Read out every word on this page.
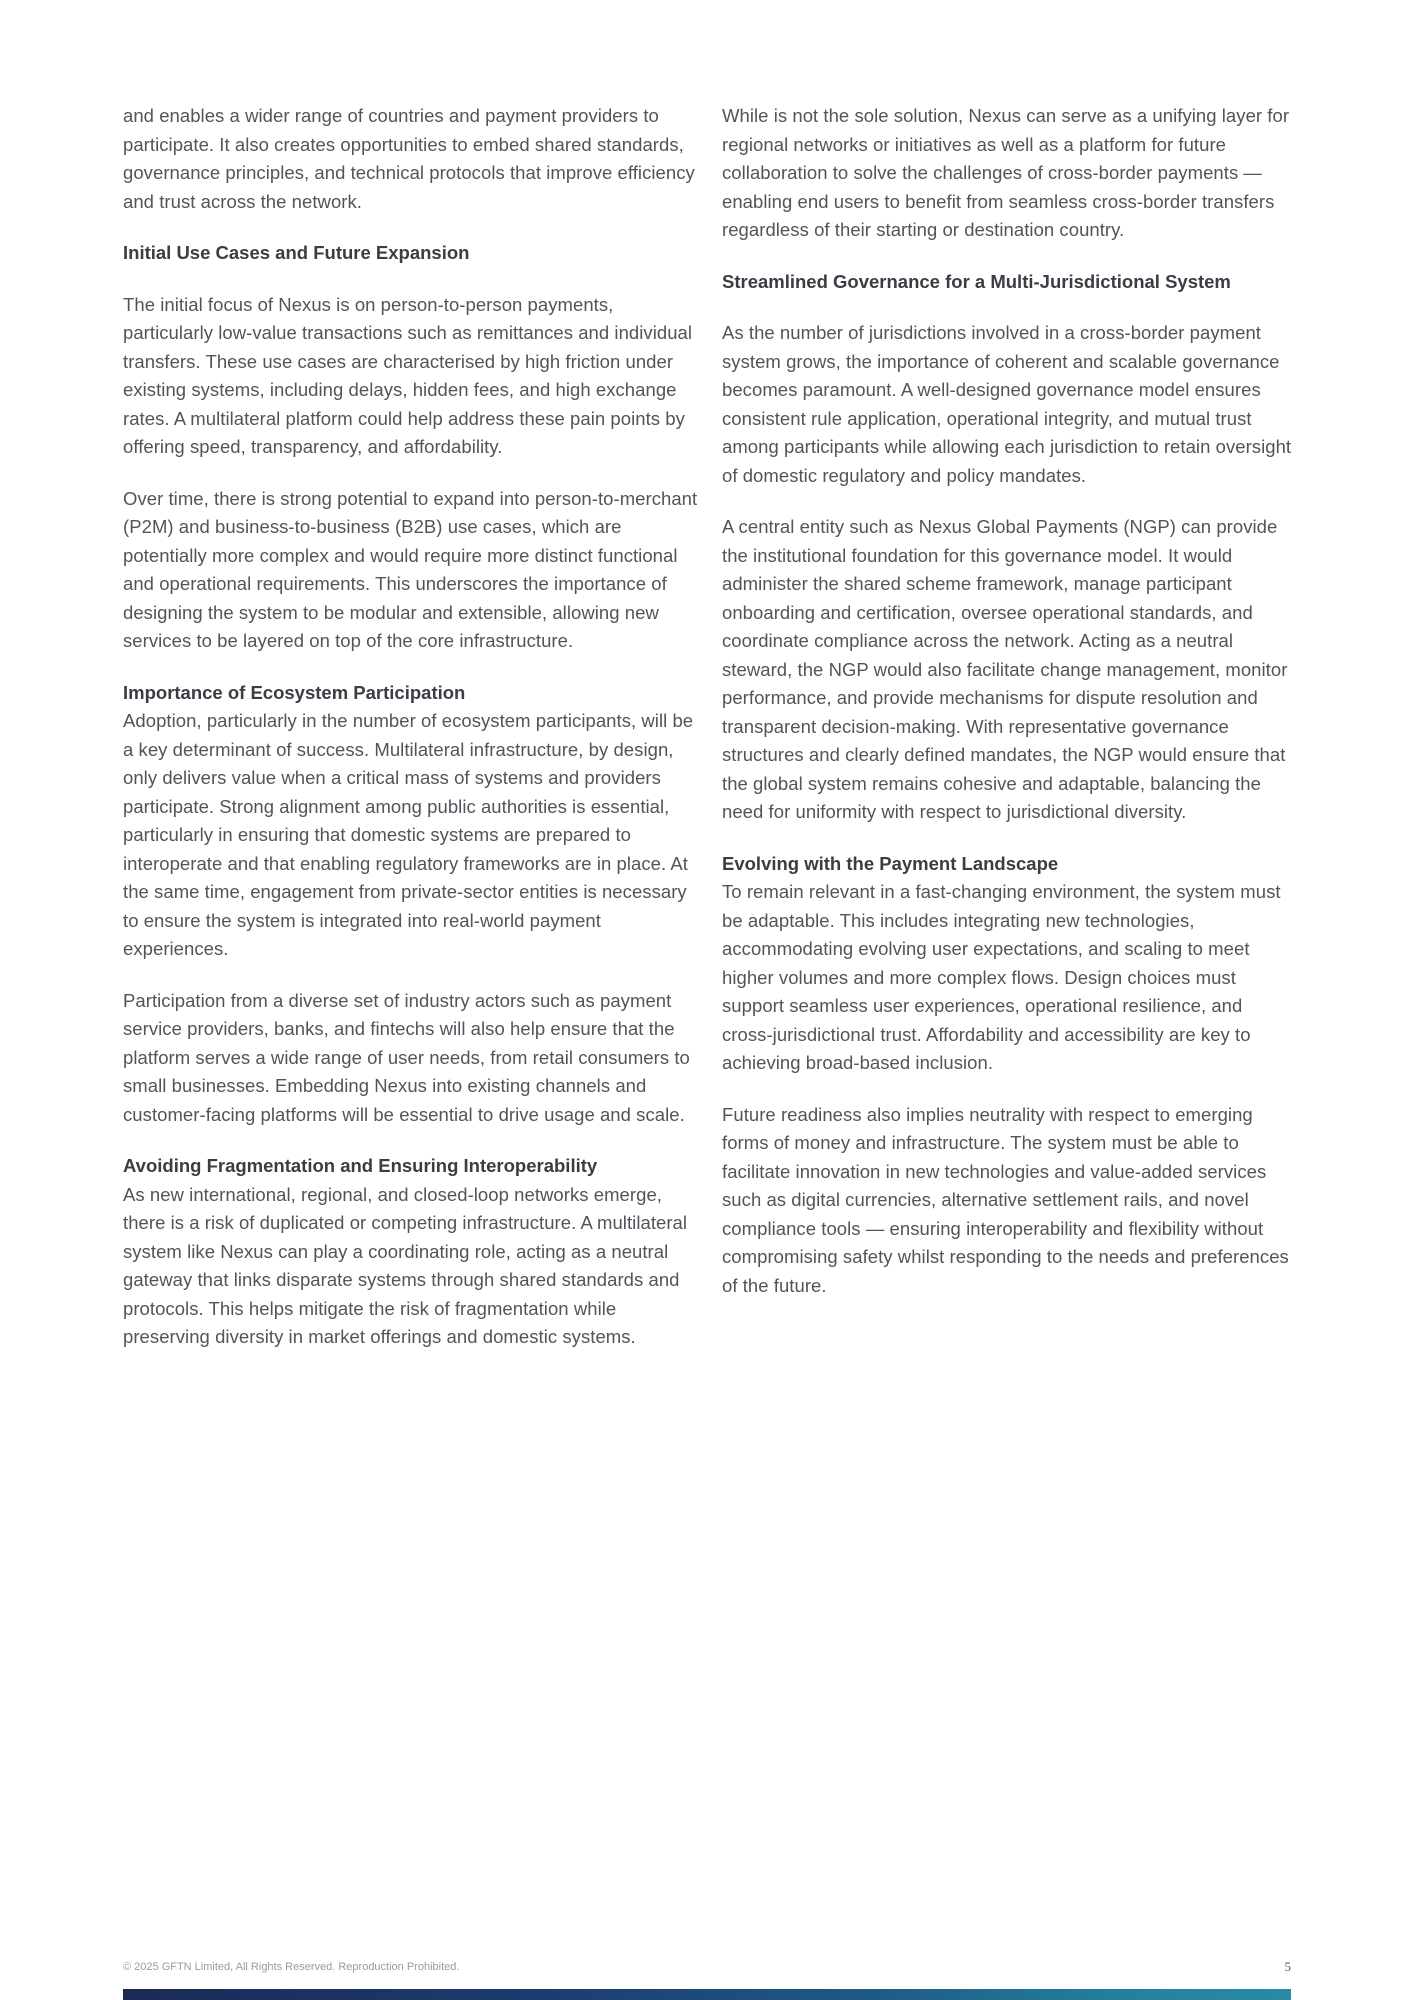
and enables a wider range of countries and payment providers to participate. It also creates opportunities to embed shared standards, governance principles, and technical protocols that improve efficiency and trust across the network.

Initial Use Cases and Future Expansion

The initial focus of Nexus is on person-to-person payments, particularly low-value transactions such as remittances and individual transfers. These use cases are characterised by high friction under existing systems, including delays, hidden fees, and high exchange rates. A multilateral platform could help address these pain points by offering speed, transparency, and affordability.

Over time, there is strong potential to expand into person-to-merchant (P2M) and business-to-business (B2B) use cases, which are potentially more complex and would require more distinct functional and operational requirements. This underscores the importance of designing the system to be modular and extensible, allowing new services to be layered on top of the core infrastructure.

Importance of Ecosystem Participation

Adoption, particularly in the number of ecosystem participants, will be a key determinant of success. Multilateral infrastructure, by design, only delivers value when a critical mass of systems and providers participate. Strong alignment among public authorities is essential, particularly in ensuring that domestic systems are prepared to interoperate and that enabling regulatory frameworks are in place. At the same time, engagement from private-sector entities is necessary to ensure the system is integrated into real-world payment experiences.

Participation from a diverse set of industry actors such as payment service providers, banks, and fintechs will also help ensure that the platform serves a wide range of user needs, from retail consumers to small businesses. Embedding Nexus into existing channels and customer-facing platforms will be essential to drive usage and scale.

Avoiding Fragmentation and Ensuring Interoperability

As new international, regional, and closed-loop networks emerge, there is a risk of duplicated or competing infrastructure. A multilateral system like Nexus can play a coordinating role, acting as a neutral gateway that links disparate systems through shared standards and protocols. This helps mitigate the risk of fragmentation while preserving diversity in market offerings and domestic systems.

While is not the sole solution, Nexus can serve as a unifying layer for regional networks or initiatives as well as a platform for future collaboration to solve the challenges of cross-border payments — enabling end users to benefit from seamless cross-border transfers regardless of their starting or destination country.

Streamlined Governance for a Multi-Jurisdictional System

As the number of jurisdictions involved in a cross-border payment system grows, the importance of coherent and scalable governance becomes paramount. A well-designed governance model ensures consistent rule application, operational integrity, and mutual trust among participants while allowing each jurisdiction to retain oversight of domestic regulatory and policy mandates.

A central entity such as Nexus Global Payments (NGP) can provide the institutional foundation for this governance model. It would administer the shared scheme framework, manage participant onboarding and certification, oversee operational standards, and coordinate compliance across the network. Acting as a neutral steward, the NGP would also facilitate change management, monitor performance, and provide mechanisms for dispute resolution and transparent decision-making. With representative governance structures and clearly defined mandates, the NGP would ensure that the global system remains cohesive and adaptable, balancing the need for uniformity with respect to jurisdictional diversity.

Evolving with the Payment Landscape

To remain relevant in a fast-changing environment, the system must be adaptable. This includes integrating new technologies, accommodating evolving user expectations, and scaling to meet higher volumes and more complex flows. Design choices must support seamless user experiences, operational resilience, and cross-jurisdictional trust. Affordability and accessibility are key to achieving broad-based inclusion.

Future readiness also implies neutrality with respect to emerging forms of money and infrastructure. The system must be able to facilitate innovation in new technologies and value-added services such as digital currencies, alternative settlement rails, and novel compliance tools — ensuring interoperability and flexibility without compromising safety whilst responding to the needs and preferences of the future.

© 2025 GFTN Limited, All Rights Reserved. Reproduction Prohibited.	5
